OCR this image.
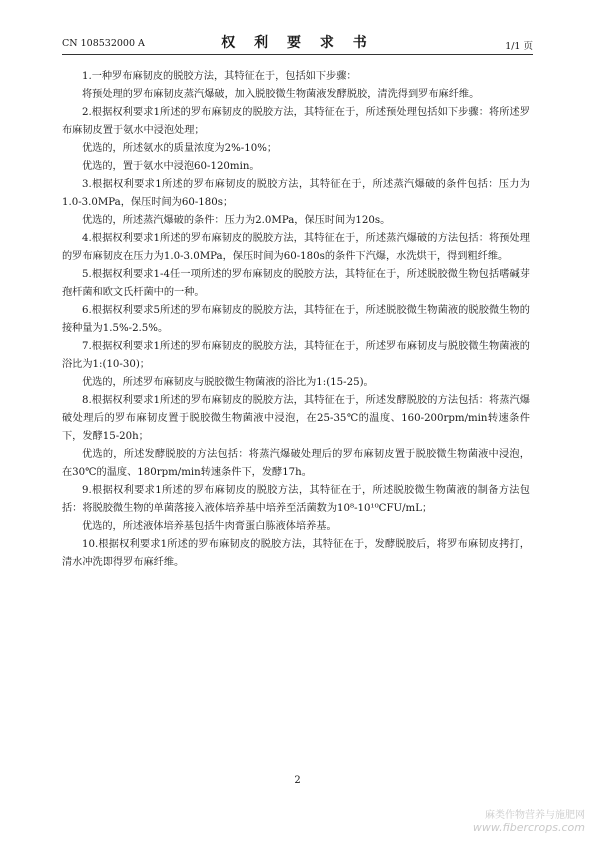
CN 108532000 A	权 利 要 求 书	1/1 页

1.一种罗布麻韧皮的脱胶方法，其特征在于，包括如下步骤：

将预处理的罗布麻韧皮蒸汽爆破，加入脱胶微生物菌液发酵脱胶，清洗得到罗布麻纤维。

2.根据权利要求1所述的罗布麻韧皮的脱胶方法，其特征在于，所述预处理包括如下步骤：将所述罗布麻韧皮置于氨水中浸泡处理；

优选的，所述氨水的质量浓度为2%-10%；

优选的，置于氨水中浸泡60-120min。

3.根据权利要求1所述的罗布麻韧皮的脱胶方法，其特征在于，所述蒸汽爆破的条件包括：压力为1.0-3.0MPa，保压时间为60-180s；

优选的，所述蒸汽爆破的条件：压力为2.0MPa，保压时间为120s。

4.根据权利要求1所述的罗布麻韧皮的脱胶方法，其特征在于，所述蒸汽爆破的方法包括：将预处理的罗布麻韧皮在压力为1.0-3.0MPa，保压时间为60-180s的条件下汽爆，水洗烘干，得到粗纤维。

5.根据权利要求1-4任一项所述的罗布麻韧皮的脱胶方法，其特征在于，所述脱胶微生物包括嗜碱芽孢杆菌和欧文氏杆菌中的一种。

6.根据权利要求5所述的罗布麻韧皮的脱胶方法，其特征在于，所述脱胶微生物菌液的脱胶微生物的接种量为1.5%-2.5%。

7.根据权利要求1所述的罗布麻韧皮的脱胶方法，其特征在于，所述罗布麻韧皮与脱胶微生物菌液的浴比为1:(10-30)；

优选的，所述罗布麻韧皮与脱胶微生物菌液的浴比为1:(15-25)。

8.根据权利要求1所述的罗布麻韧皮的脱胶方法，其特征在于，所述发酵脱胶的方法包括：将蒸汽爆破处理后的罗布麻韧皮置于脱胶微生物菌液中浸泡，在25-35℃的温度、160-200rpm/min转速条件下，发酵15-20h；

优选的，所述发酵脱胶的方法包括：将蒸汽爆破处理后的罗布麻韧皮置于脱胶微生物菌液中浸泡，在30℃的温度、180rpm/min转速条件下，发酵17h。

9.根据权利要求1所述的罗布麻韧皮的脱胶方法，其特征在于，所述脱胶微生物菌液的制备方法包括：将脱胶微生物的单菌落接入液体培养基中培养至活菌数为10⁸-10¹⁰CFU/mL；

优选的，所述液体培养基包括牛肉膏蛋白胨液体培养基。

10.根据权利要求1所述的罗布麻韧皮的脱胶方法，其特征在于，发酵脱胶后，将罗布麻韧皮拷打，清水冲洗即得罗布麻纤维。

2
麻类作物营养与施肥网
www.fibercrops.com
